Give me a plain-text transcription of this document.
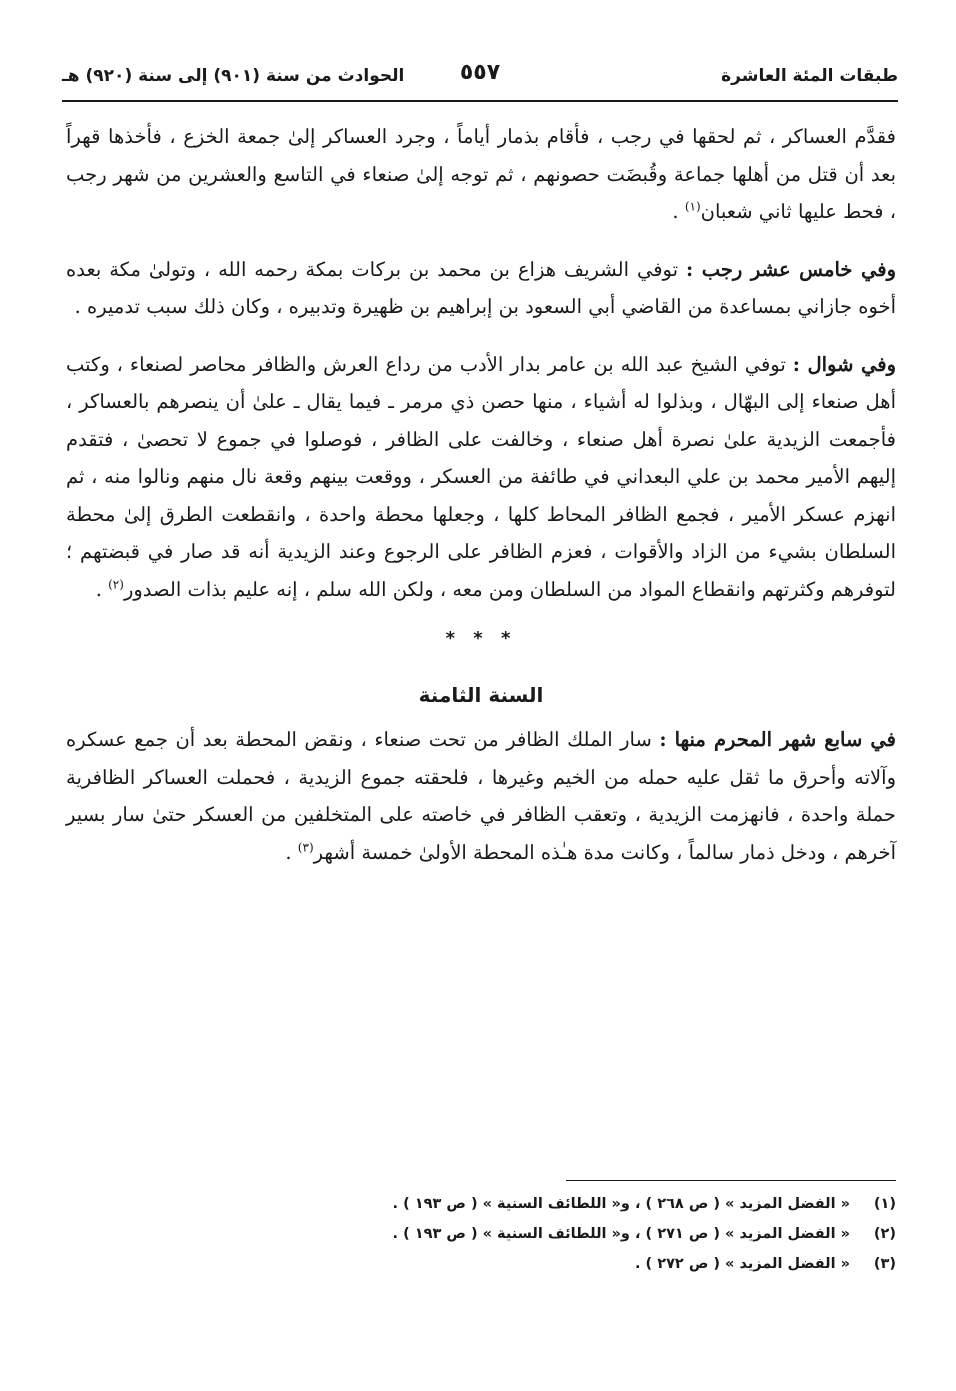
طبقات المئة العاشرة
٥٥٧
الحوادث من سنة (٩٠١) إلى سنة (٩٢٠) هـ

فقدَّم العساكر ، ثم لحقها في رجب ، فأقام بذمار أياماً ، وجرد العساكر إلىٰ جمعة الخزع ، فأخذها قهراً بعد أن قتل من أهلها جماعة وقُبضَت حصونهم ، ثم توجه إلىٰ صنعاء في التاسع والعشرين من شهر رجب ، فحط عليها ثاني شعبان$^{(١)}$ .

وفي خامس عشر رجب : توفي الشريف هزاع بن محمد بن بركات بمكة رحمه الله ، وتولىٰ مكة بعده أخوه جازاني بمساعدة من القاضي أبي السعود بن إبراهيم بن ظهيرة وتدبيره ، وكان ذلك سبب تدميره .

وفي شوال : توفي الشيخ عبد الله بن عامر بدار الأدب من رداع العرش والظافر محاصر لصنعاء ، وكتب أهل صنعاء إلى البهّال ، وبذلوا له أشياء ، منها حصن ذي مرمر ـ فيما يقال ـ علىٰ أن ينصرهم بالعساكر ، فأجمعت الزيدية علىٰ نصرة أهل صنعاء ، وخالفت على الظافر ، فوصلوا في جموع لا تحصىٰ ، فتقدم إليهم الأمير محمد بن علي البعداني في طائفة من العسكر ، ووقعت بينهم وقعة نال منهم ونالوا منه ، ثم انهزم عسكر الأمير ، فجمع الظافر المحاط كلها ، وجعلها محطة واحدة ، وانقطعت الطرق إلىٰ محطة السلطان بشيء من الزاد والأقوات ، فعزم الظافر على الرجوع وعند الزيدية أنه قد صار في قبضتهم ؛ لتوفرهم وكثرتهم وانقطاع المواد من السلطان ومن معه ، ولكن الله سلم ، إنه عليم بذات الصدور$^{(٢)}$ .

* * *
السنة الثامنة

في سابع شهر المحرم منها : سار الملك الظافر من تحت صنعاء ، ونقض المحطة بعد أن جمع عسكره وآلاته وأحرق ما ثقل عليه حمله من الخيم وغيرها ، فلحقته جموع الزيدية ، فحملت العساكر الظافرية حملة واحدة ، فانهزمت الزيدية ، وتعقب الظافر في خاصته على المتخلفين من العسكر حتىٰ سار بسير آخرهم ، ودخل ذمار سالماً ، وكانت مدة هـٰذه المحطة الأولىٰ خمسة أشهر$^{(٣)}$ .

(١)
« الفضل المزيد » ( ص ٢٦٨ ) ، و« اللطائف السنية » ( ص ١٩٣ ) .
(٢)
« الفضل المزيد » ( ص ٢٧١ ) ، و« اللطائف السنية » ( ص ١٩٣ ) .
(٣)
« الفضل المزيد » ( ص ٢٧٢ ) .
